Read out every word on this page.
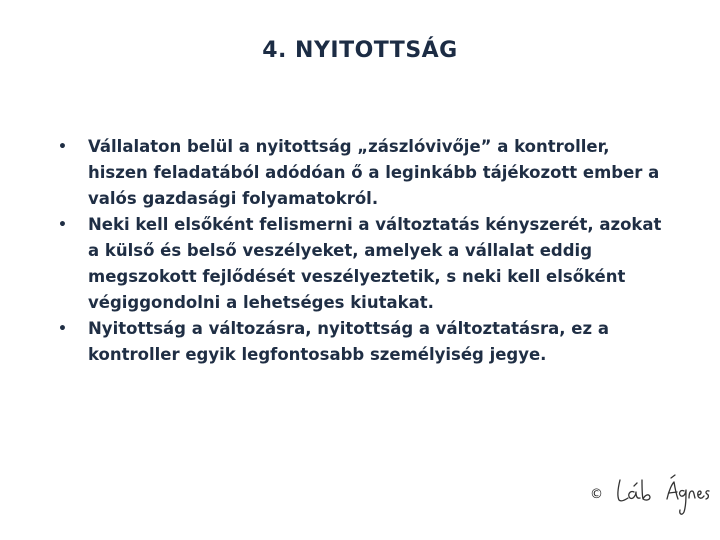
4. NYITOTTSÁG
• Vállalaton belül a nyitottság „zászlóvivője” a kontroller, hiszen feladatából adódóan ő a leginkább tájékozott ember a valós gazdasági folyamatokról.
• Neki kell elsőként felismerni a változtatás kényszerét, azokat a külső és belső veszélyeket, amelyek a vállalat eddig megszokott fejlődését veszélyeztetik, s neki kell elsőként végiggondolni a lehetséges kiutakat.
• Nyitottság a változásra, nyitottság a változtatásra, ez a kontroller egyik legfontosabb személyiség jegye.
©
